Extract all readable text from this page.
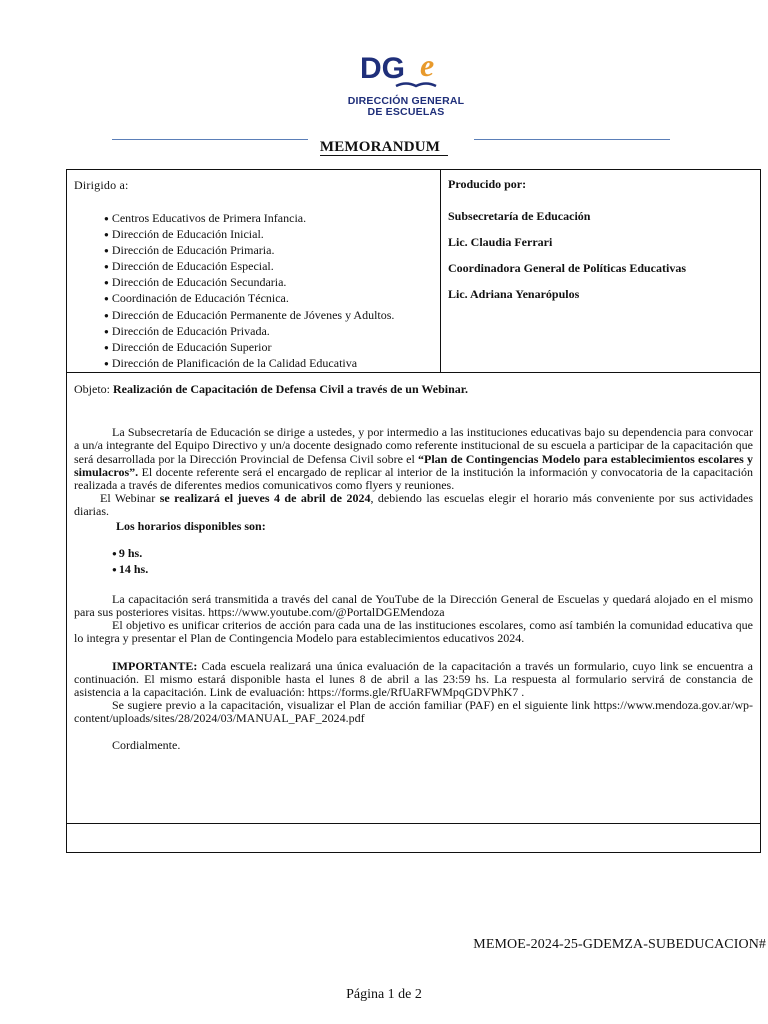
DG e
DIRECCIÓN GENERAL
DE ESCUELAS
MEMORANDUM
Dirigido a:
● Centros Educativos de Primera Infancia.
● Dirección de Educación Inicial.
● Dirección de Educación Primaria.
● Dirección de Educación Especial.
● Dirección de Educación Secundaria.
● Coordinación de Educación Técnica.
● Dirección de Educación Permanente de Jóvenes y Adultos.
● Dirección de Educación Privada.
● Dirección de Educación Superior
● Dirección de Planificación de la Calidad Educativa

Producido por:
Subsecretaría de Educación
Lic. Claudia Ferrari
Coordinadora General de Políticas Educativas
Lic. Adriana Yenarópulos

Objeto: Realización de Capacitación de Defensa Civil a través de un Webinar.

La Subsecretaría de Educación se dirige a ustedes, y por intermedio a las instituciones educativas bajo su dependencia para convocar a un/a integrante del Equipo Directivo y un/a docente designado como referente institucional de su escuela a participar de la capacitación que será desarrollada por la Dirección Provincial de Defensa Civil sobre el “Plan de Contingencias Modelo para establecimientos escolares y simulacros”. El docente referente será el encargado de replicar al interior de la institución la información y convocatoria de la capacitación realizada a través de diferentes medios comunicativos como flyers y reuniones.

El Webinar se realizará el jueves 4 de abril de 2024, debiendo las escuelas elegir el horario más conveniente por sus actividades diarias.

Los horarios disponibles son:
● 9 hs.
● 14 hs.

La capacitación será transmitida a través del canal de YouTube de la Dirección General de Escuelas y quedará alojado en el mismo para sus posteriores visitas. https://www.youtube.com/@PortalDGEMendoza

El objetivo es unificar criterios de acción para cada una de las instituciones escolares, como así también la comunidad educativa que lo integra y presentar el Plan de Contingencia Modelo para establecimientos educativos 2024.

IMPORTANTE: Cada escuela realizará una única evaluación de la capacitación a través un formulario, cuyo link se encuentra a continuación. El mismo estará disponible hasta el lunes 8 de abril a las 23:59 hs. La respuesta al formulario servirá de constancia de asistencia a la capacitación. Link de evaluación: https://forms.gle/RfUaRFWMpqGDVPhK7 .

Se sugiere previo a la capacitación, visualizar el Plan de acción familiar (PAF) en el siguiente link https://www.mendoza.gov.ar/wp-content/uploads/sites/28/2024/03/MANUAL_PAF_2024.pdf

Cordialmente.

MEMOE-2024-25-GDEMZA-SUBEDUCACION#
Página 1 de 2
